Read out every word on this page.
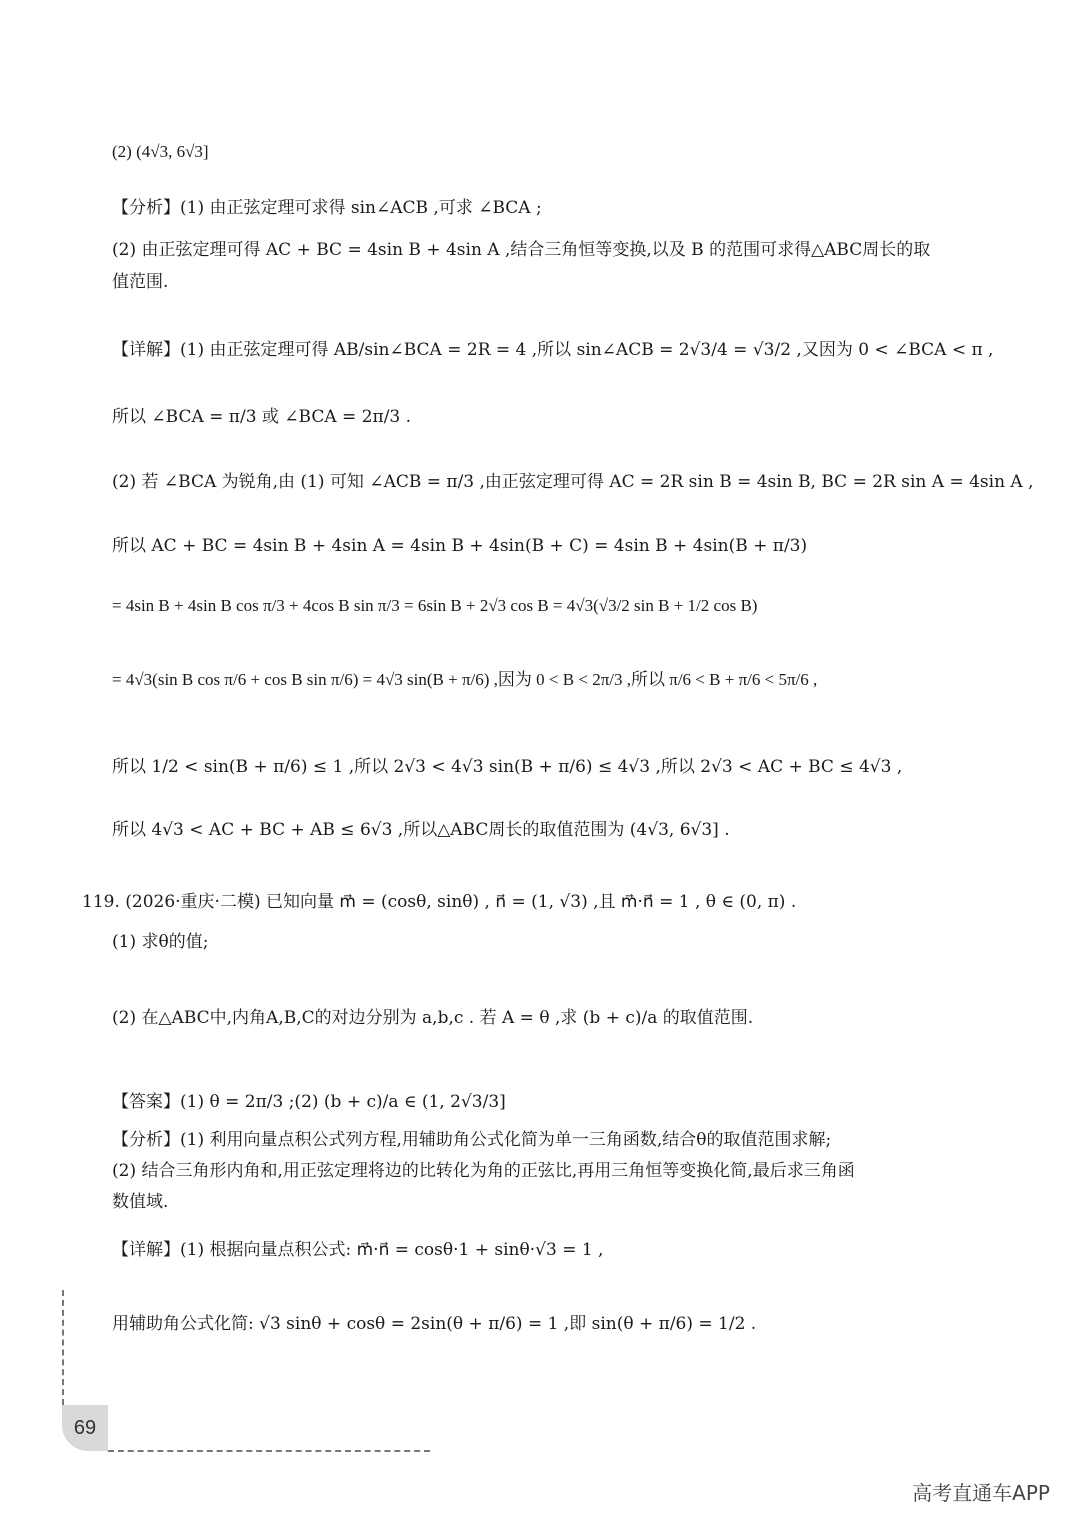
(2) (4√3, 6√3]
【分析】(1) 由正弦定理可求得 sin∠ACB ,可求 ∠BCA ;
(2) 由正弦定理可得 AC + BC = 4sin B + 4sin A ,结合三角恒等变换,以及 B 的范围可求得△ABC周长的取
值范围.
【详解】(1) 由正弦定理可得 AB/sin∠BCA = 2R = 4 ,所以 sin∠ACB = 2√3/4 = √3/2 ,又因为 0 < ∠BCA < π ,
所以 ∠BCA = π/3 或 ∠BCA = 2π/3 .
(2) 若 ∠BCA 为锐角,由 (1) 可知 ∠ACB = π/3 ,由正弦定理可得 AC = 2R sin B = 4sin B, BC = 2R sin A = 4sin A ,
所以 AC + BC = 4sin B + 4sin A = 4sin B + 4sin(B + C) = 4sin B + 4sin(B + π/3)
= 4sin B + 4sin B cos π/3 + 4cos B sin π/3 = 6sin B + 2√3 cos B = 4√3(√3/2 sin B + 1/2 cos B)
= 4√3(sin B cos π/6 + cos B sin π/6) = 4√3 sin(B + π/6) ,因为 0 < B < 2π/3 ,所以 π/6 < B + π/6 < 5π/6 ,
所以 1/2 < sin(B + π/6) ≤ 1 ,所以 2√3 < 4√3 sin(B + π/6) ≤ 4√3 ,所以 2√3 < AC + BC ≤ 4√3 ,
所以 4√3 < AC + BC + AB ≤ 6√3 ,所以△ABC周长的取值范围为 (4√3, 6√3] .
119. (2026·重庆·二模) 已知向量 m⃗ = (cosθ, sinθ) , n⃗ = (1, √3) ,且 m⃗·n⃗ = 1 , θ ∈ (0, π) .
(1) 求θ的值;
(2) 在△ABC中,内角A,B,C的对边分别为 a,b,c . 若 A = θ ,求 (b + c)/a 的取值范围.
【答案】(1) θ = 2π/3 ;(2) (b + c)/a ∈ (1, 2√3/3]
【分析】(1) 利用向量点积公式列方程,用辅助角公式化简为单一三角函数,结合θ的取值范围求解;
(2) 结合三角形内角和,用正弦定理将边的比转化为角的正弦比,再用三角恒等变换化简,最后求三角函
数值域.
【详解】(1) 根据向量点积公式: m⃗·n⃗ = cosθ·1 + sinθ·√3 = 1 ,
用辅助角公式化简: √3 sinθ + cosθ = 2sin(θ + π/6) = 1 ,即 sin(θ + π/6) = 1/2 .
69
高考直通车APP
